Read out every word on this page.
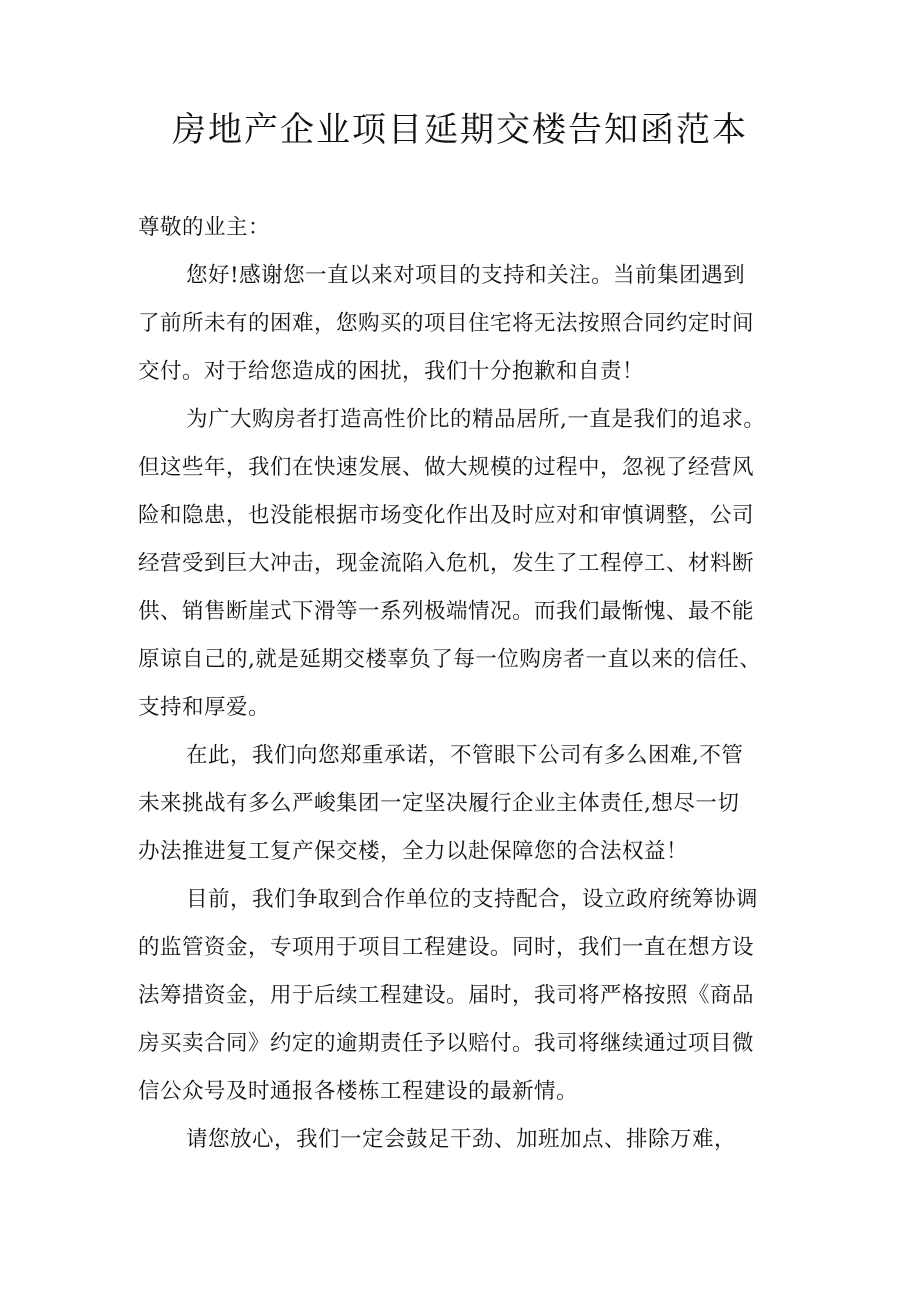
房地产企业项目延期交楼告知函范本
尊敬的业主：
您好!感谢您一直以来对项目的支持和关注。当前集团遇到
了前所未有的困难，您购买的项目住宅将无法按照合同约定时间
交付。对于给您造成的困扰，我们十分抱歉和自责！
为广大购房者打造高性价比的精品居所,一直是我们的追求。
但这些年，我们在快速发展、做大规模的过程中，忽视了经营风
险和隐患，也没能根据市场变化作出及时应对和审慎调整，公司
经营受到巨大冲击，现金流陷入危机，发生了工程停工、材料断
供、销售断崖式下滑等一系列极端情况。而我们最惭愧、最不能
原谅自己的,就是延期交楼辜负了每一位购房者一直以来的信任、
支持和厚爱。
在此，我们向您郑重承诺，不管眼下公司有多么困难,不管
未来挑战有多么严峻集团一定坚决履行企业主体责任,想尽一切
办法推进复工复产保交楼，全力以赴保障您的合法权益！
目前，我们争取到合作单位的支持配合，设立政府统筹协调
的监管资金，专项用于项目工程建设。同时，我们一直在想方设
法筹措资金，用于后续工程建设。届时，我司将严格按照《商品
房买卖合同》约定的逾期责任予以赔付。我司将继续通过项目微
信公众号及时通报各楼栋工程建设的最新情。
请您放心，我们一定会鼓足干劲、加班加点、排除万难，
